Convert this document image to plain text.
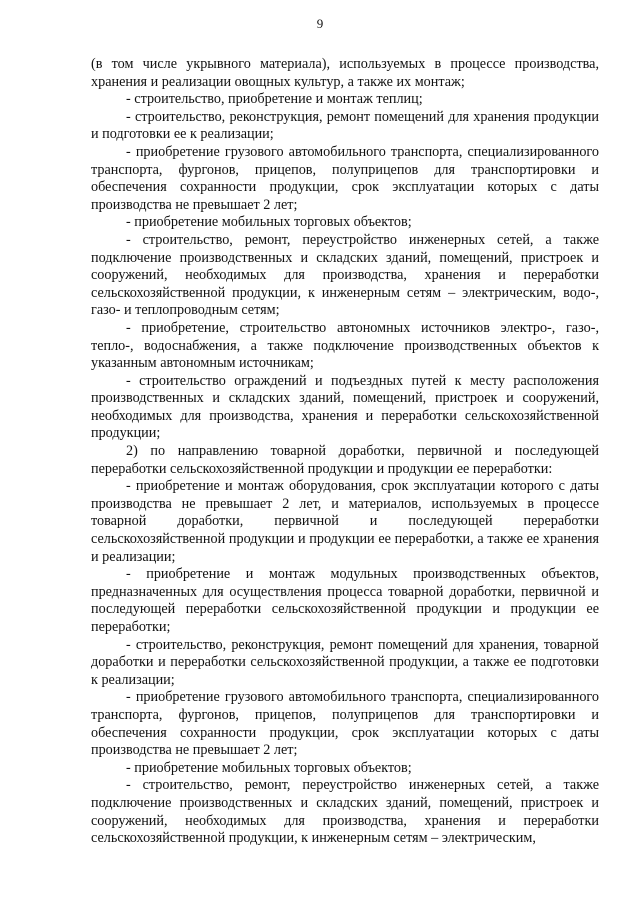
9

(в том числе укрывного материала), используемых в процессе производства, хранения и реализации овощных культур, а также их монтаж;

- строительство, приобретение и монтаж теплиц;

- строительство, реконструкция, ремонт помещений для хранения продукции и подготовки ее к реализации;

- приобретение грузового автомобильного транспорта, специализированного транспорта, фургонов, прицепов, полуприцепов для транспортировки и обеспечения сохранности продукции, срок эксплуатации которых с даты производства не превышает 2 лет;

- приобретение мобильных торговых объектов;

- строительство, ремонт, переустройство инженерных сетей, а также подключение производственных и складских зданий, помещений, пристроек и сооружений, необходимых для производства, хранения и переработки сельскохозяйственной продукции, к инженерным сетям – электрическим, водо-, газо- и теплопроводным сетям;

- приобретение, строительство автономных источников электро-, газо-, тепло-, водоснабжения, а также подключение производственных объектов к указанным автономным источникам;

- строительство ограждений и подъездных путей к месту расположения производственных и складских зданий, помещений, пристроек и сооружений, необходимых для производства, хранения и переработки сельскохозяйственной продукции;

2) по направлению товарной доработки, первичной и последующей переработки сельскохозяйственной продукции и продукции ее переработки:

- приобретение и монтаж оборудования, срок эксплуатации которого с даты производства не превышает 2 лет, и материалов, используемых в процессе товарной доработки, первичной и последующей переработки сельскохозяйственной продукции и продукции ее переработки, а также ее хранения и реализации;

- приобретение и монтаж модульных производственных объектов, предназначенных для осуществления процесса товарной доработки, первичной и последующей переработки сельскохозяйственной продукции и продукции ее переработки;

- строительство, реконструкция, ремонт помещений для хранения, товарной доработки и переработки сельскохозяйственной продукции, а также ее подготовки к реализации;

- приобретение грузового автомобильного транспорта, специализированного транспорта, фургонов, прицепов, полуприцепов для транспортировки и обеспечения сохранности продукции, срок эксплуатации которых с даты производства не превышает 2 лет;

- приобретение мобильных торговых объектов;

- строительство, ремонт, переустройство инженерных сетей, а также подключение производственных и складских зданий, помещений, пристроек и сооружений, необходимых для производства, хранения и переработки сельскохозяйственной продукции, к инженерным сетям – электрическим,
